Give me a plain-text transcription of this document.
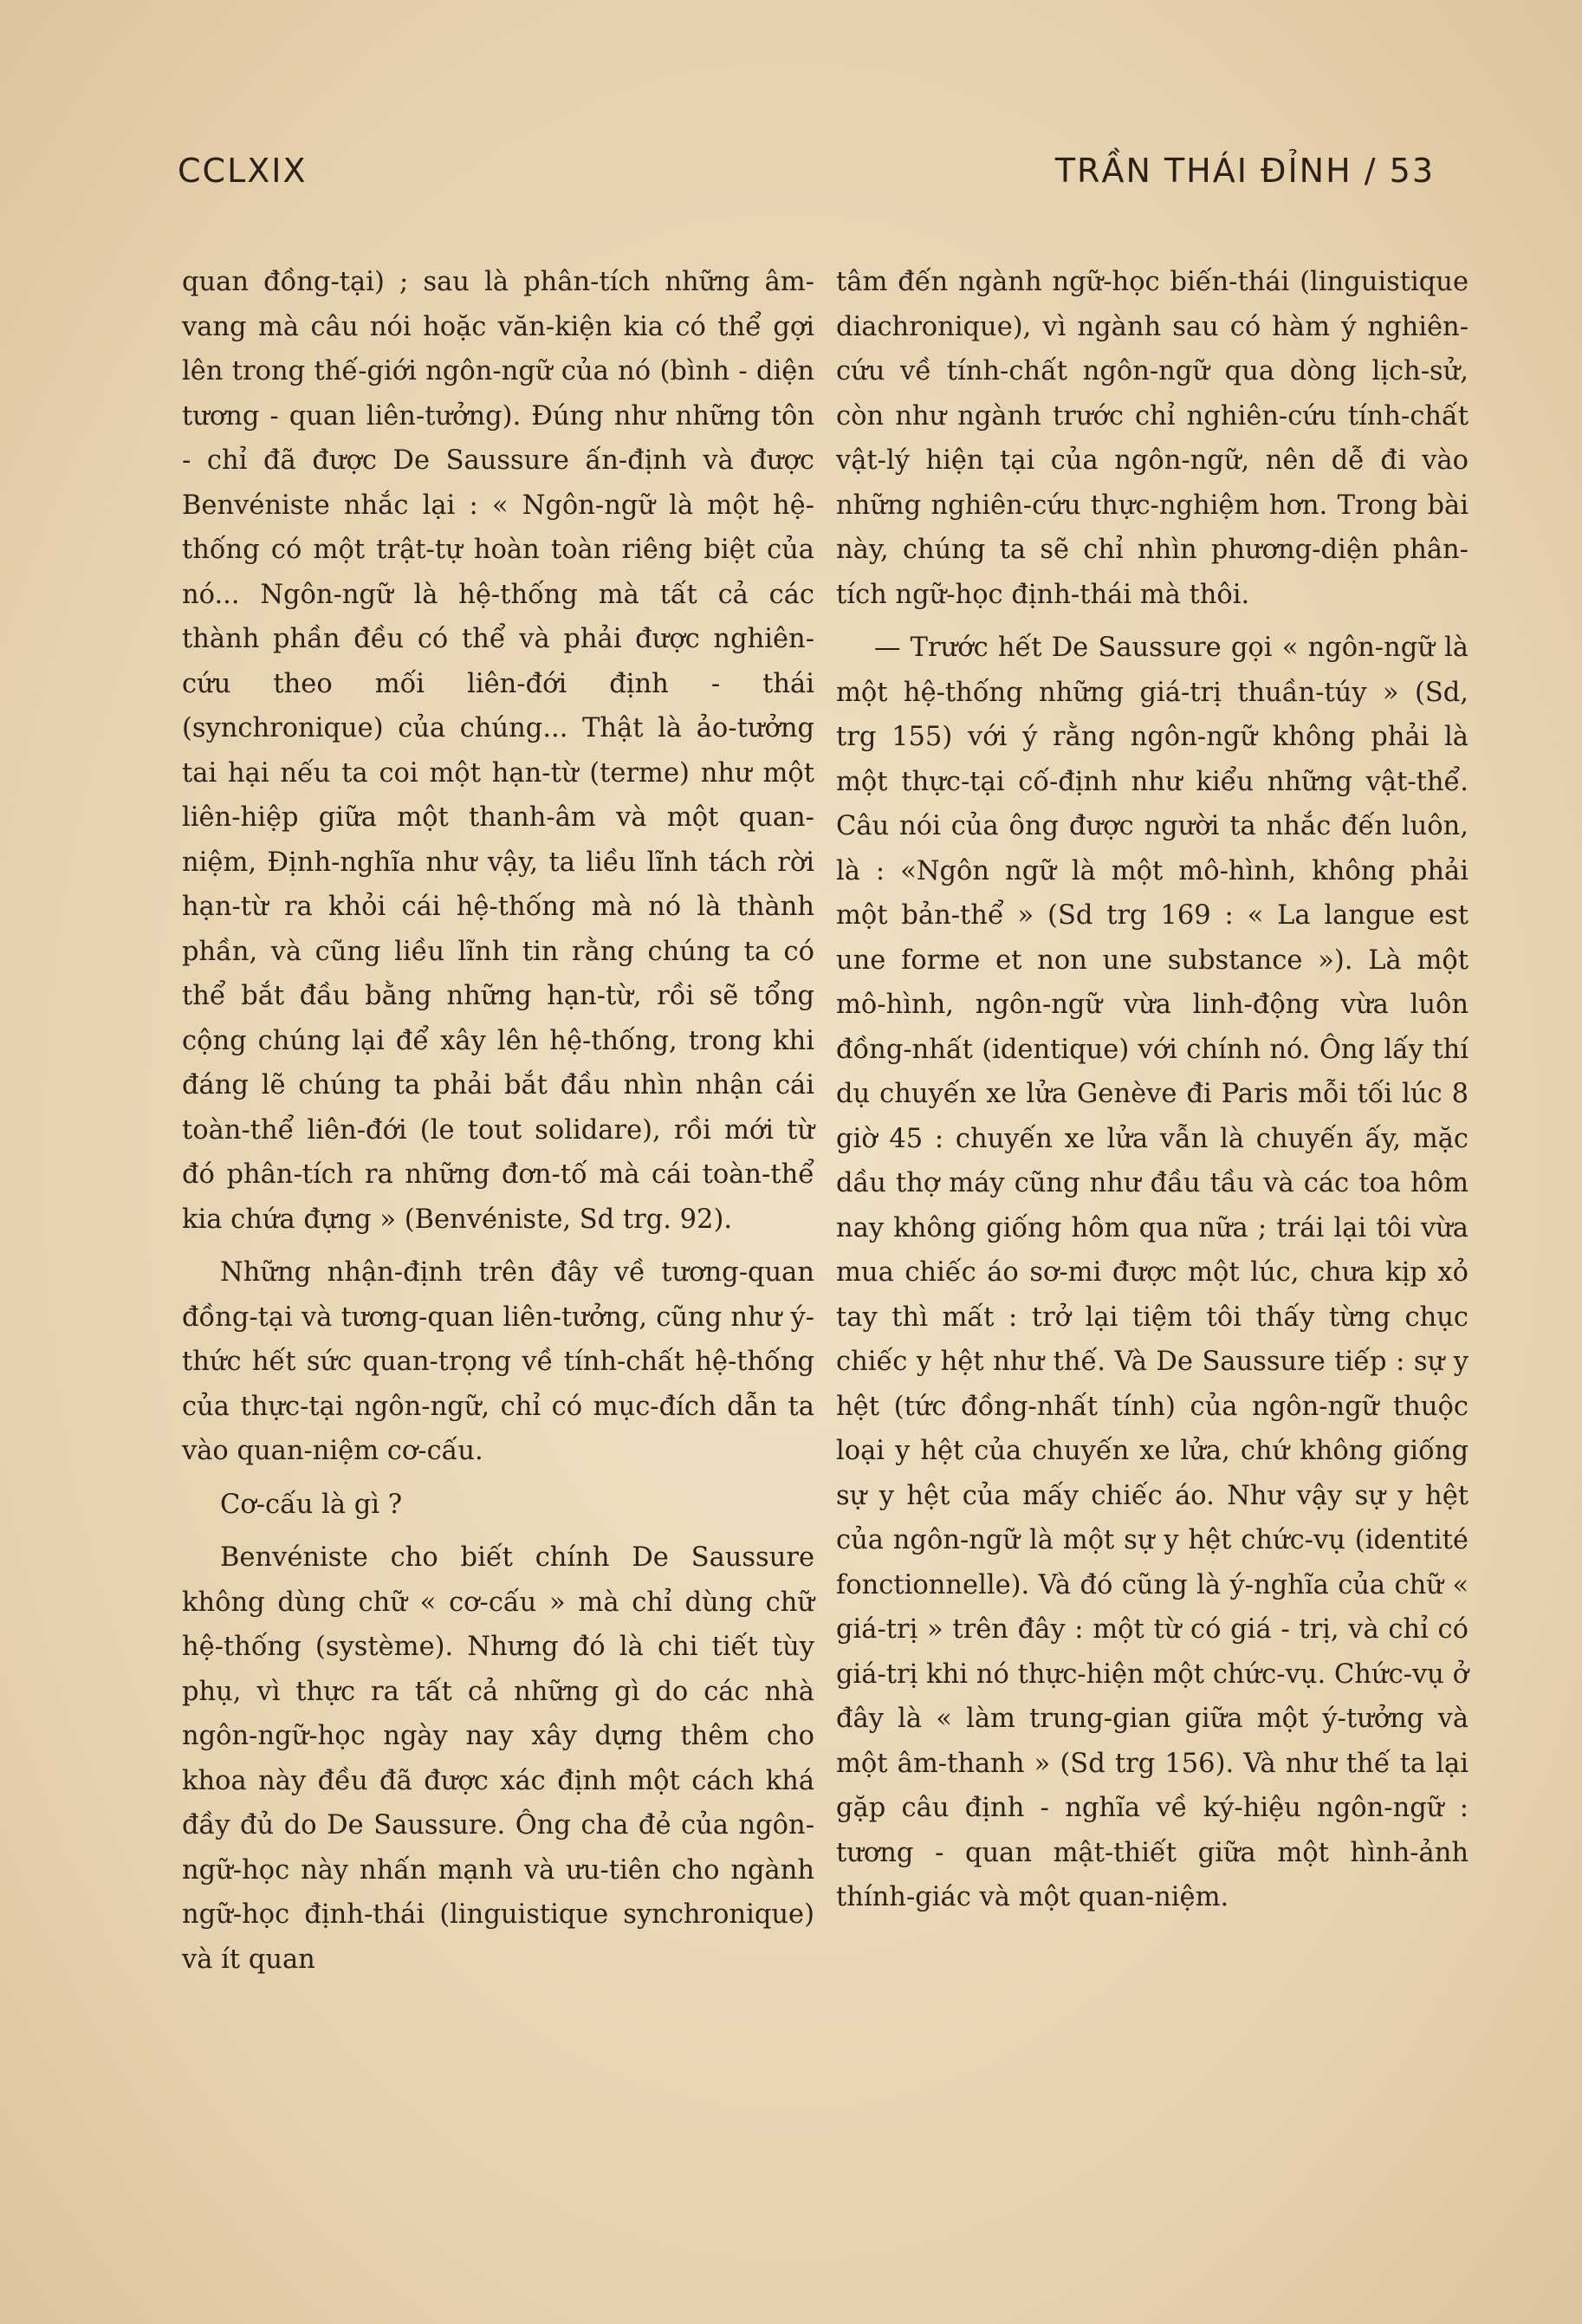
CCLXIX	TRẦN THÁI ĐỈNH / 53

quan đồng-tại) ; sau là phân-tích những âm-vang mà câu nói hoặc văn-kiện kia có thể gợi lên trong thế-giới ngôn-ngữ của nó (bình - diện tương - quan liên-tưởng). Đúng như những tôn - chỉ đã được De Saussure ấn-định và được Benvéniste nhắc lại : « Ngôn-ngữ là một hệ-thống có một trật-tự hoàn toàn riêng biệt của nó... Ngôn-ngữ là hệ-thống mà tất cả các thành phần đều có thể và phải được nghiên-cứu theo mối liên-đới định - thái (synchronique) của chúng... Thật là ảo-tưởng tai hại nếu ta coi một hạn-từ (terme) như một liên-hiệp giữa một thanh-âm và một quan-niệm, Định-nghĩa như vậy, ta liều lĩnh tách rời hạn-từ ra khỏi cái hệ-thống mà nó là thành phần, và cũng liều lĩnh tin rằng chúng ta có thể bắt đầu bằng những hạn-từ, rồi sẽ tổng cộng chúng lại để xây lên hệ-thống, trong khi đáng lẽ chúng ta phải bắt đầu nhìn nhận cái toàn-thể liên-đới (le tout solidare), rồi mới từ đó phân-tích ra những đơn-tố mà cái toàn-thể kia chứa đựng » (Benvéniste, Sd trg. 92).

Những nhận-định trên đây về tương-quan đồng-tại và tương-quan liên-tưởng, cũng như ý-thức hết sức quan-trọng về tính-chất hệ-thống của thực-tại ngôn-ngữ, chỉ có mục-đích dẫn ta vào quan-niệm cơ-cấu.

Cơ-cấu là gì ?

Benvéniste cho biết chính De Saussure không dùng chữ « cơ-cấu » mà chỉ dùng chữ hệ-thống (système). Nhưng đó là chi tiết tùy phụ, vì thực ra tất cả những gì do các nhà ngôn-ngữ-học ngày nay xây dựng thêm cho khoa này đều đã được xác định một cách khá đầy đủ do De Saussure. Ông cha đẻ của ngôn-ngữ-học này nhấn mạnh và ưu-tiên cho ngành ngữ-học định-thái (linguistique synchronique) và ít quan

tâm đến ngành ngữ-học biến-thái (linguistique diachronique), vì ngành sau có hàm ý nghiên-cứu về tính-chất ngôn-ngữ qua dòng lịch-sử, còn như ngành trước chỉ nghiên-cứu tính-chất vật-lý hiện tại của ngôn-ngữ, nên dễ đi vào những nghiên-cứu thực-nghiệm hơn. Trong bài này, chúng ta sẽ chỉ nhìn phương-diện phân-tích ngữ-học định-thái mà thôi.

— Trước hết De Saussure gọi « ngôn-ngữ là một hệ-thống những giá-trị thuần-túy » (Sd, trg 155) với ý rằng ngôn-ngữ không phải là một thực-tại cố-định như kiểu những vật-thể. Câu nói của ông được người ta nhắc đến luôn, là : «Ngôn ngữ là một mô-hình, không phải một bản-thể » (Sd trg 169 : « La langue est une forme et non une substance »). Là một mô-hình, ngôn-ngữ vừa linh-động vừa luôn đồng-nhất (identique) với chính nó. Ông lấy thí dụ chuyến xe lửa Genève đi Paris mỗi tối lúc 8 giờ 45 : chuyến xe lửa vẫn là chuyến ấy, mặc dầu thợ máy cũng như đầu tầu và các toa hôm nay không giống hôm qua nữa ; trái lại tôi vừa mua chiếc áo sơ-mi được một lúc, chưa kịp xỏ tay thì mất : trở lại tiệm tôi thấy từng chục chiếc y hệt như thế. Và De Saussure tiếp : sự y hệt (tức đồng-nhất tính) của ngôn-ngữ thuộc loại y hệt của chuyến xe lửa, chứ không giống sự y hệt của mấy chiếc áo. Như vậy sự y hệt của ngôn-ngữ là một sự y hệt chức-vụ (identité fonctionnelle). Và đó cũng là ý-nghĩa của chữ « giá-trị » trên đây : một từ có giá - trị, và chỉ có giá-trị khi nó thực-hiện một chức-vụ. Chức-vụ ở đây là « làm trung-gian giữa một ý-tưởng và một âm-thanh » (Sd trg 156). Và như thế ta lại gặp câu định - nghĩa về ký-hiệu ngôn-ngữ : tương - quan mật-thiết giữa một hình-ảnh thính-giác và một quan-niệm.
